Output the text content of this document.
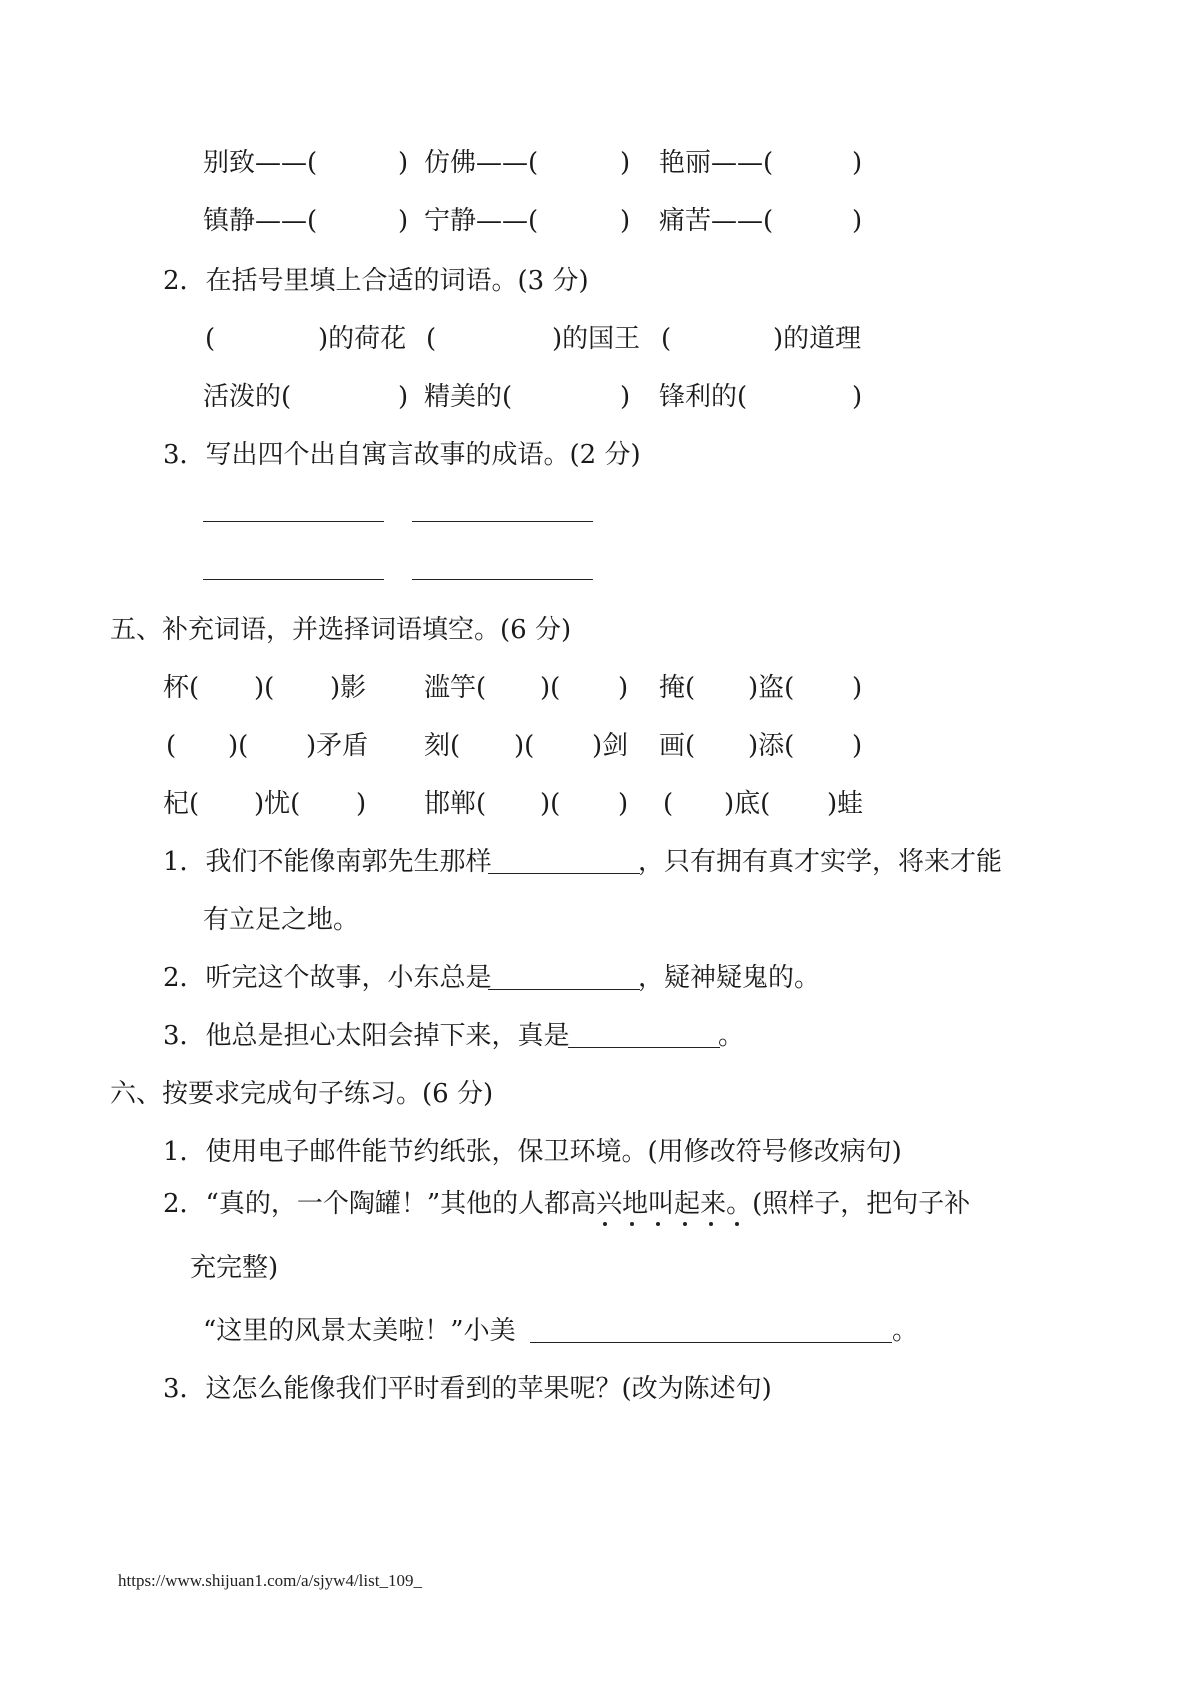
别致——(	) 仿佛——(	) 艳丽——(	)
镇静——(	) 宁静——(	) 痛苦——(	)
2．在括号里填上合适的词语。(3 分)
(	)的荷花 (	)的国王 (	)的道理
活泼的(	) 精美的(	) 锋利的(	)
3．写出四个出自寓言故事的成语。(2 分)
五、补充词语，并选择词语填空。(6 分)
杯( )( )影 滥竽( )( ) 掩( )盗( )
( )( )矛盾 刻( )( )剑 画( )添( )
杞( )忧( ) 邯郸( )( ) ( )底( )蛙
1．我们不能像南郭先生那样	，只有拥有真才实学，将来才能
有立足之地。
2．听完这个故事，小东总是	，疑神疑鬼的。
3．他总是担心太阳会掉下来，真是	。
六、按要求完成句子练习。(6 分)
1．使用电子邮件能节约纸张，保卫环境。(用修改符号修改病句)
2．“真的，一个陶罐！”其他的人都高兴地叫起来。(照样子，把句子补
充完整)
“这里的风景太美啦！”小美	。
3．这怎么能像我们平时看到的苹果呢？(改为陈述句)
https://www.shijuan1.com/a/sjyw4/list_109_
